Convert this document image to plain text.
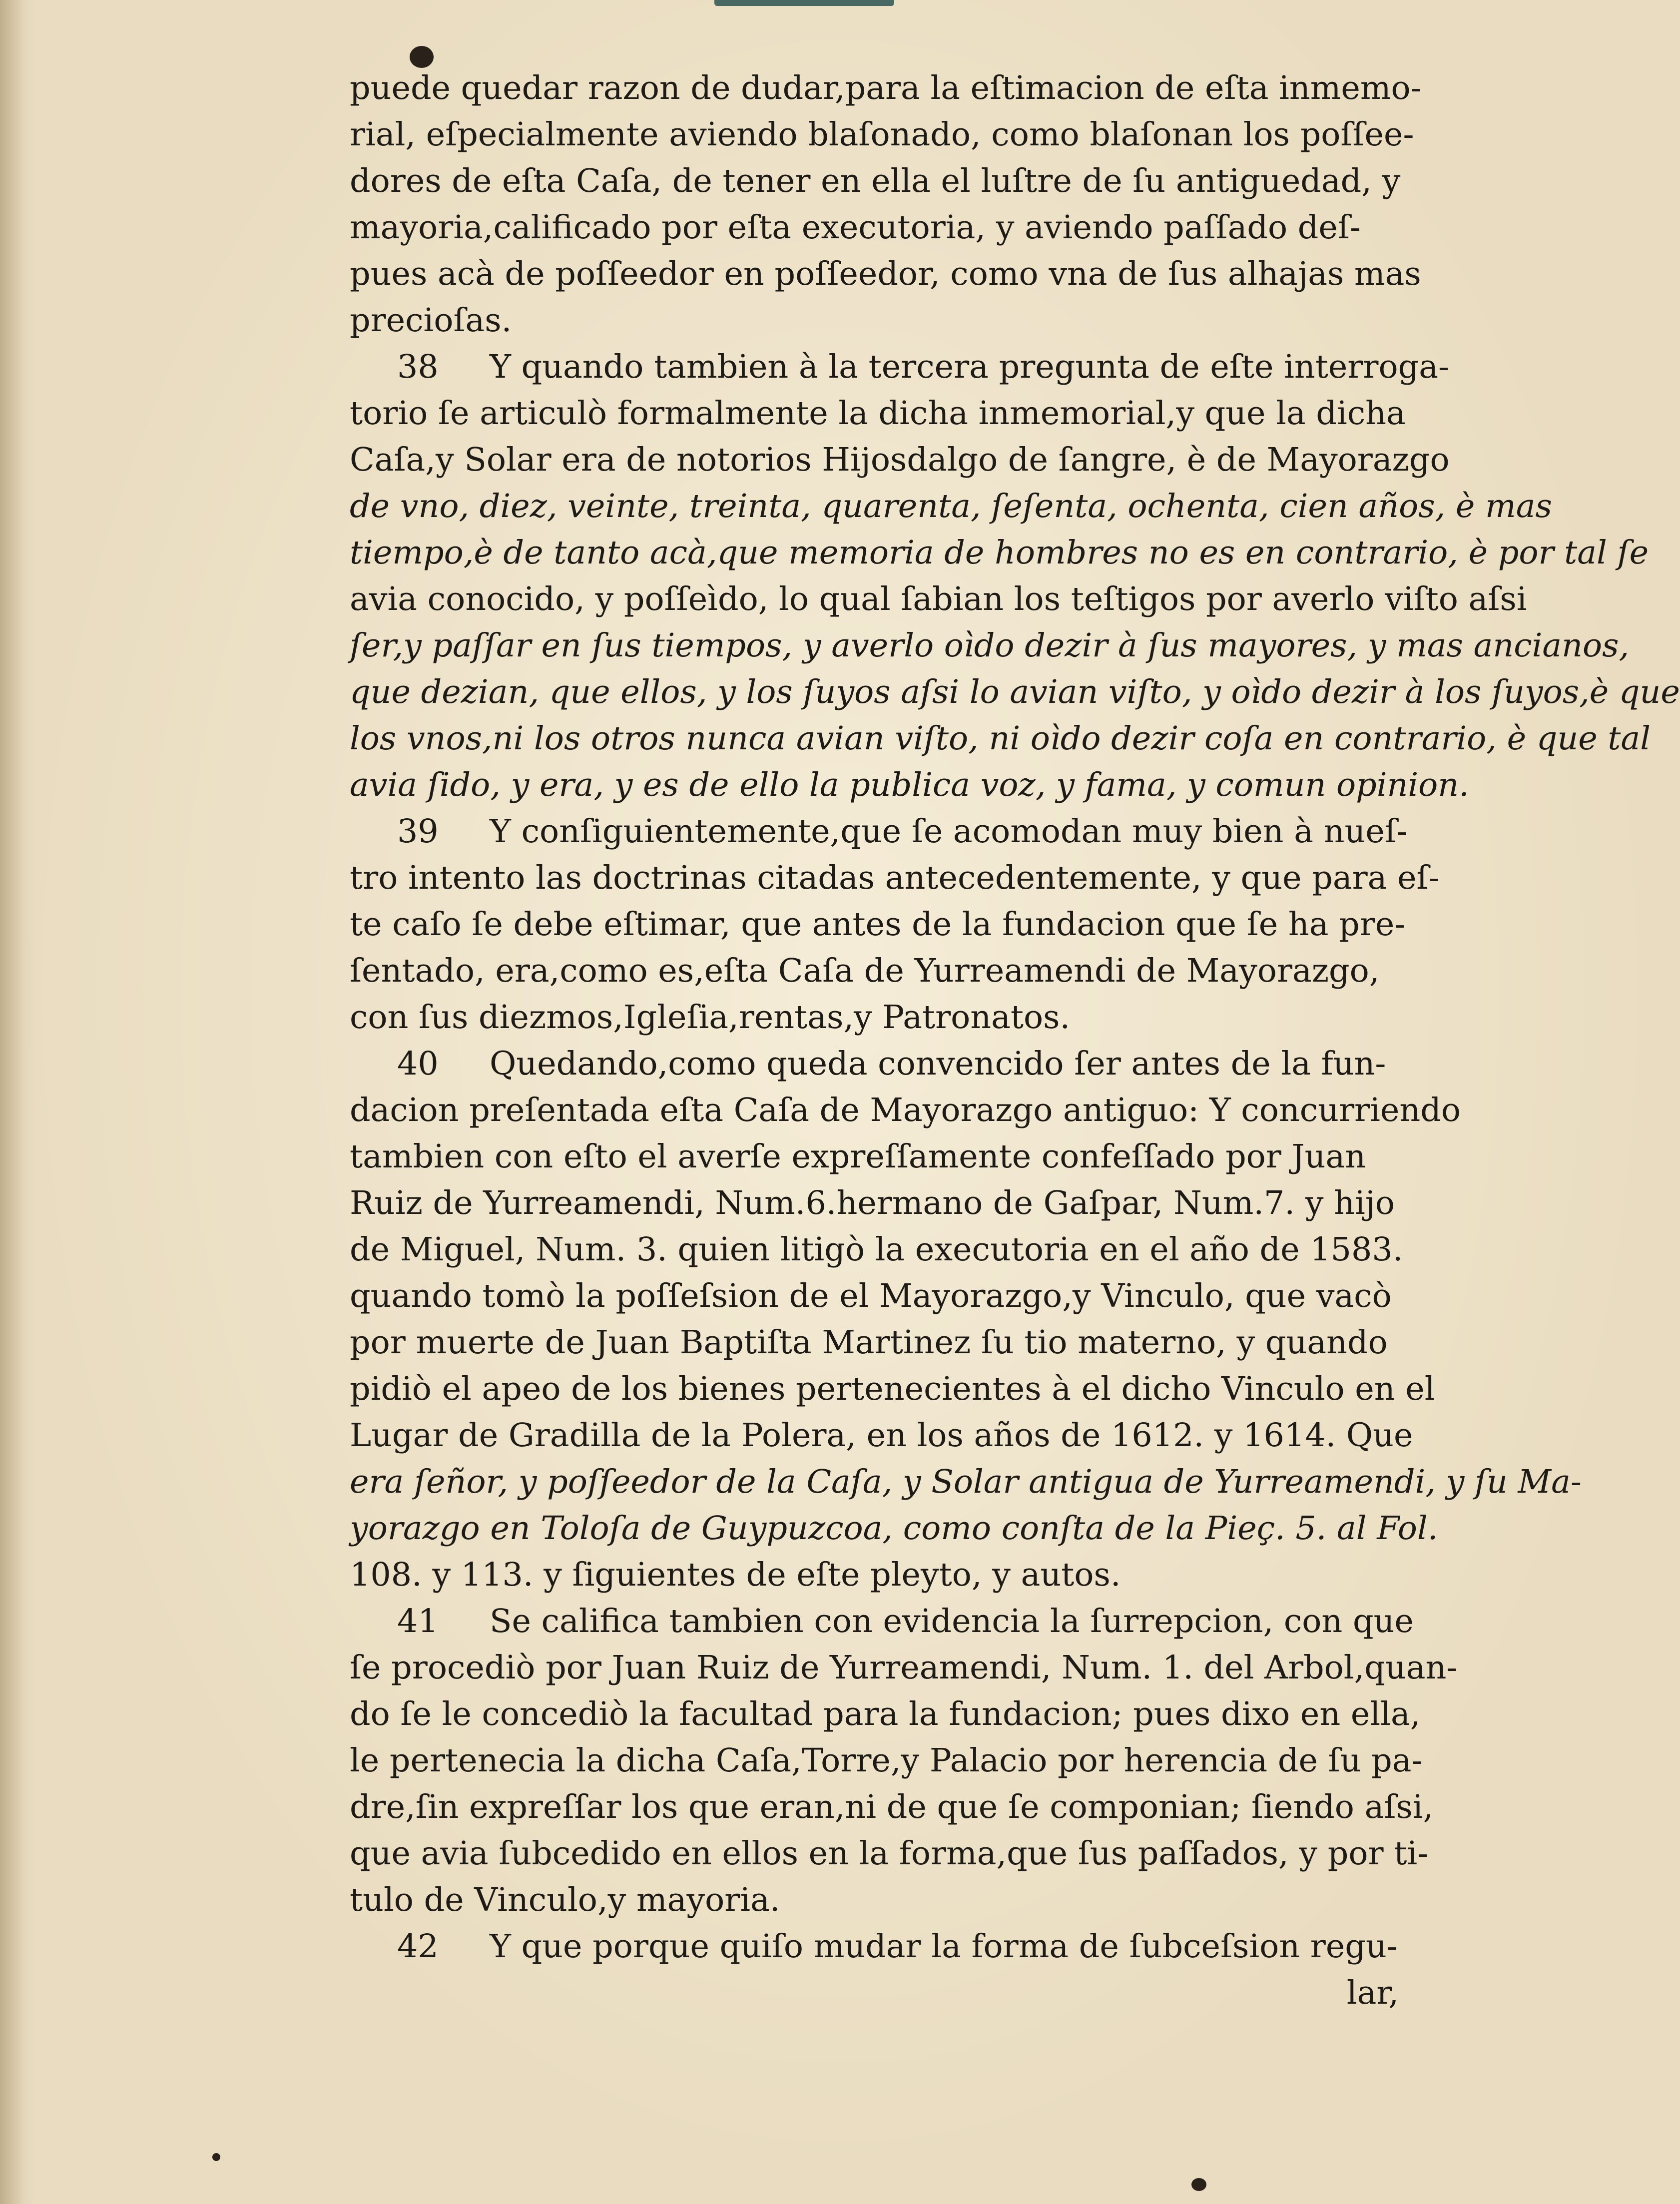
puede quedar razon de dudar,para la eſtimacion de eſta inmemo-
rial, eſpecialmente aviendo blaſonado, como blaſonan los poſſee-
dores de eſta Caſa, de tener en ella el luſtre de ſu antiguedad, y
mayoria,calificado por eſta executoria, y aviendo paſſado deſ-
pues acà de poſſeedor en poſſeedor, como vna de ſus alhajas mas
precioſas.
38 Y quando tambien à la tercera pregunta de eſte interroga-
torio ſe articulò formalmente la dicha inmemorial,y que la dicha
Caſa,y Solar era de notorios Hijosdalgo de ſangre, è de Mayorazgo
de vno, diez, veinte, treinta, quarenta, ſeſenta, ochenta, cien años, è mas
tiempo,è de tanto acà,que memoria de hombres no es en contrario, è por tal ſe
avia conocido, y poſſeìdo, lo qual ſabian los teſtigos por averlo viſto aſsi
ſer,y paſſar en ſus tiempos, y averlo oìdo dezir à ſus mayores, y mas ancianos,
que dezian, que ellos, y los ſuyos aſsi lo avian viſto, y oìdo dezir à los ſuyos,è que
los vnos,ni los otros nunca avian viſto, ni oìdo dezir coſa en contrario, è que tal
avia ſido, y era, y es de ello la publica voz, y fama, y comun opinion.
39 Y conſiguientemente,que ſe acomodan muy bien à nueſ-
tro intento las doctrinas citadas antecedentemente, y que para eſ-
te caſo ſe debe eſtimar, que antes de la fundacion que ſe ha pre-
ſentado, era,como es,eſta Caſa de Yurreamendi de Mayorazgo,
con ſus diezmos,Igleſia,rentas,y Patronatos.
40 Quedando,como queda convencido ſer antes de la fun-
dacion preſentada eſta Caſa de Mayorazgo antiguo: Y concurriendo
tambien con eſto el averſe expreſſamente confeſſado por Juan
Ruiz de Yurreamendi, Num.6.hermano de Gaſpar, Num.7. y hijo
de Miguel, Num. 3. quien litigò la executoria en el año de 1583.
quando tomò la poſſeſsion de el Mayorazgo,y Vinculo, que vacò
por muerte de Juan Baptiſta Martinez ſu tio materno, y quando
pidiò el apeo de los bienes pertenecientes à el dicho Vinculo en el
Lugar de Gradilla de la Polera, en los años de 1612. y 1614. Que
era ſeñor, y poſſeedor de la Caſa, y Solar antigua de Yurreamendi, y ſu Ma-
yorazgo en Toloſa de Guypuzcoa, como conſta de la Pieç. 5. al Fol.
108. y 113. y ſiguientes de eſte pleyto, y autos.
41 Se califica tambien con evidencia la ſurrepcion, con que
ſe procediò por Juan Ruiz de Yurreamendi, Num. 1. del Arbol,quan-
do ſe le concediò la facultad para la fundacion; pues dixo en ella,
le pertenecia la dicha Caſa,Torre,y Palacio por herencia de ſu pa-
dre,ſin expreſſar los que eran,ni de que ſe componian; ſiendo aſsi,
que avia ſubcedido en ellos en la forma,que ſus paſſados, y por ti-
tulo de Vinculo,y mayoria.
42 Y que porque quiſo mudar la forma de ſubceſsion regu-
lar,
